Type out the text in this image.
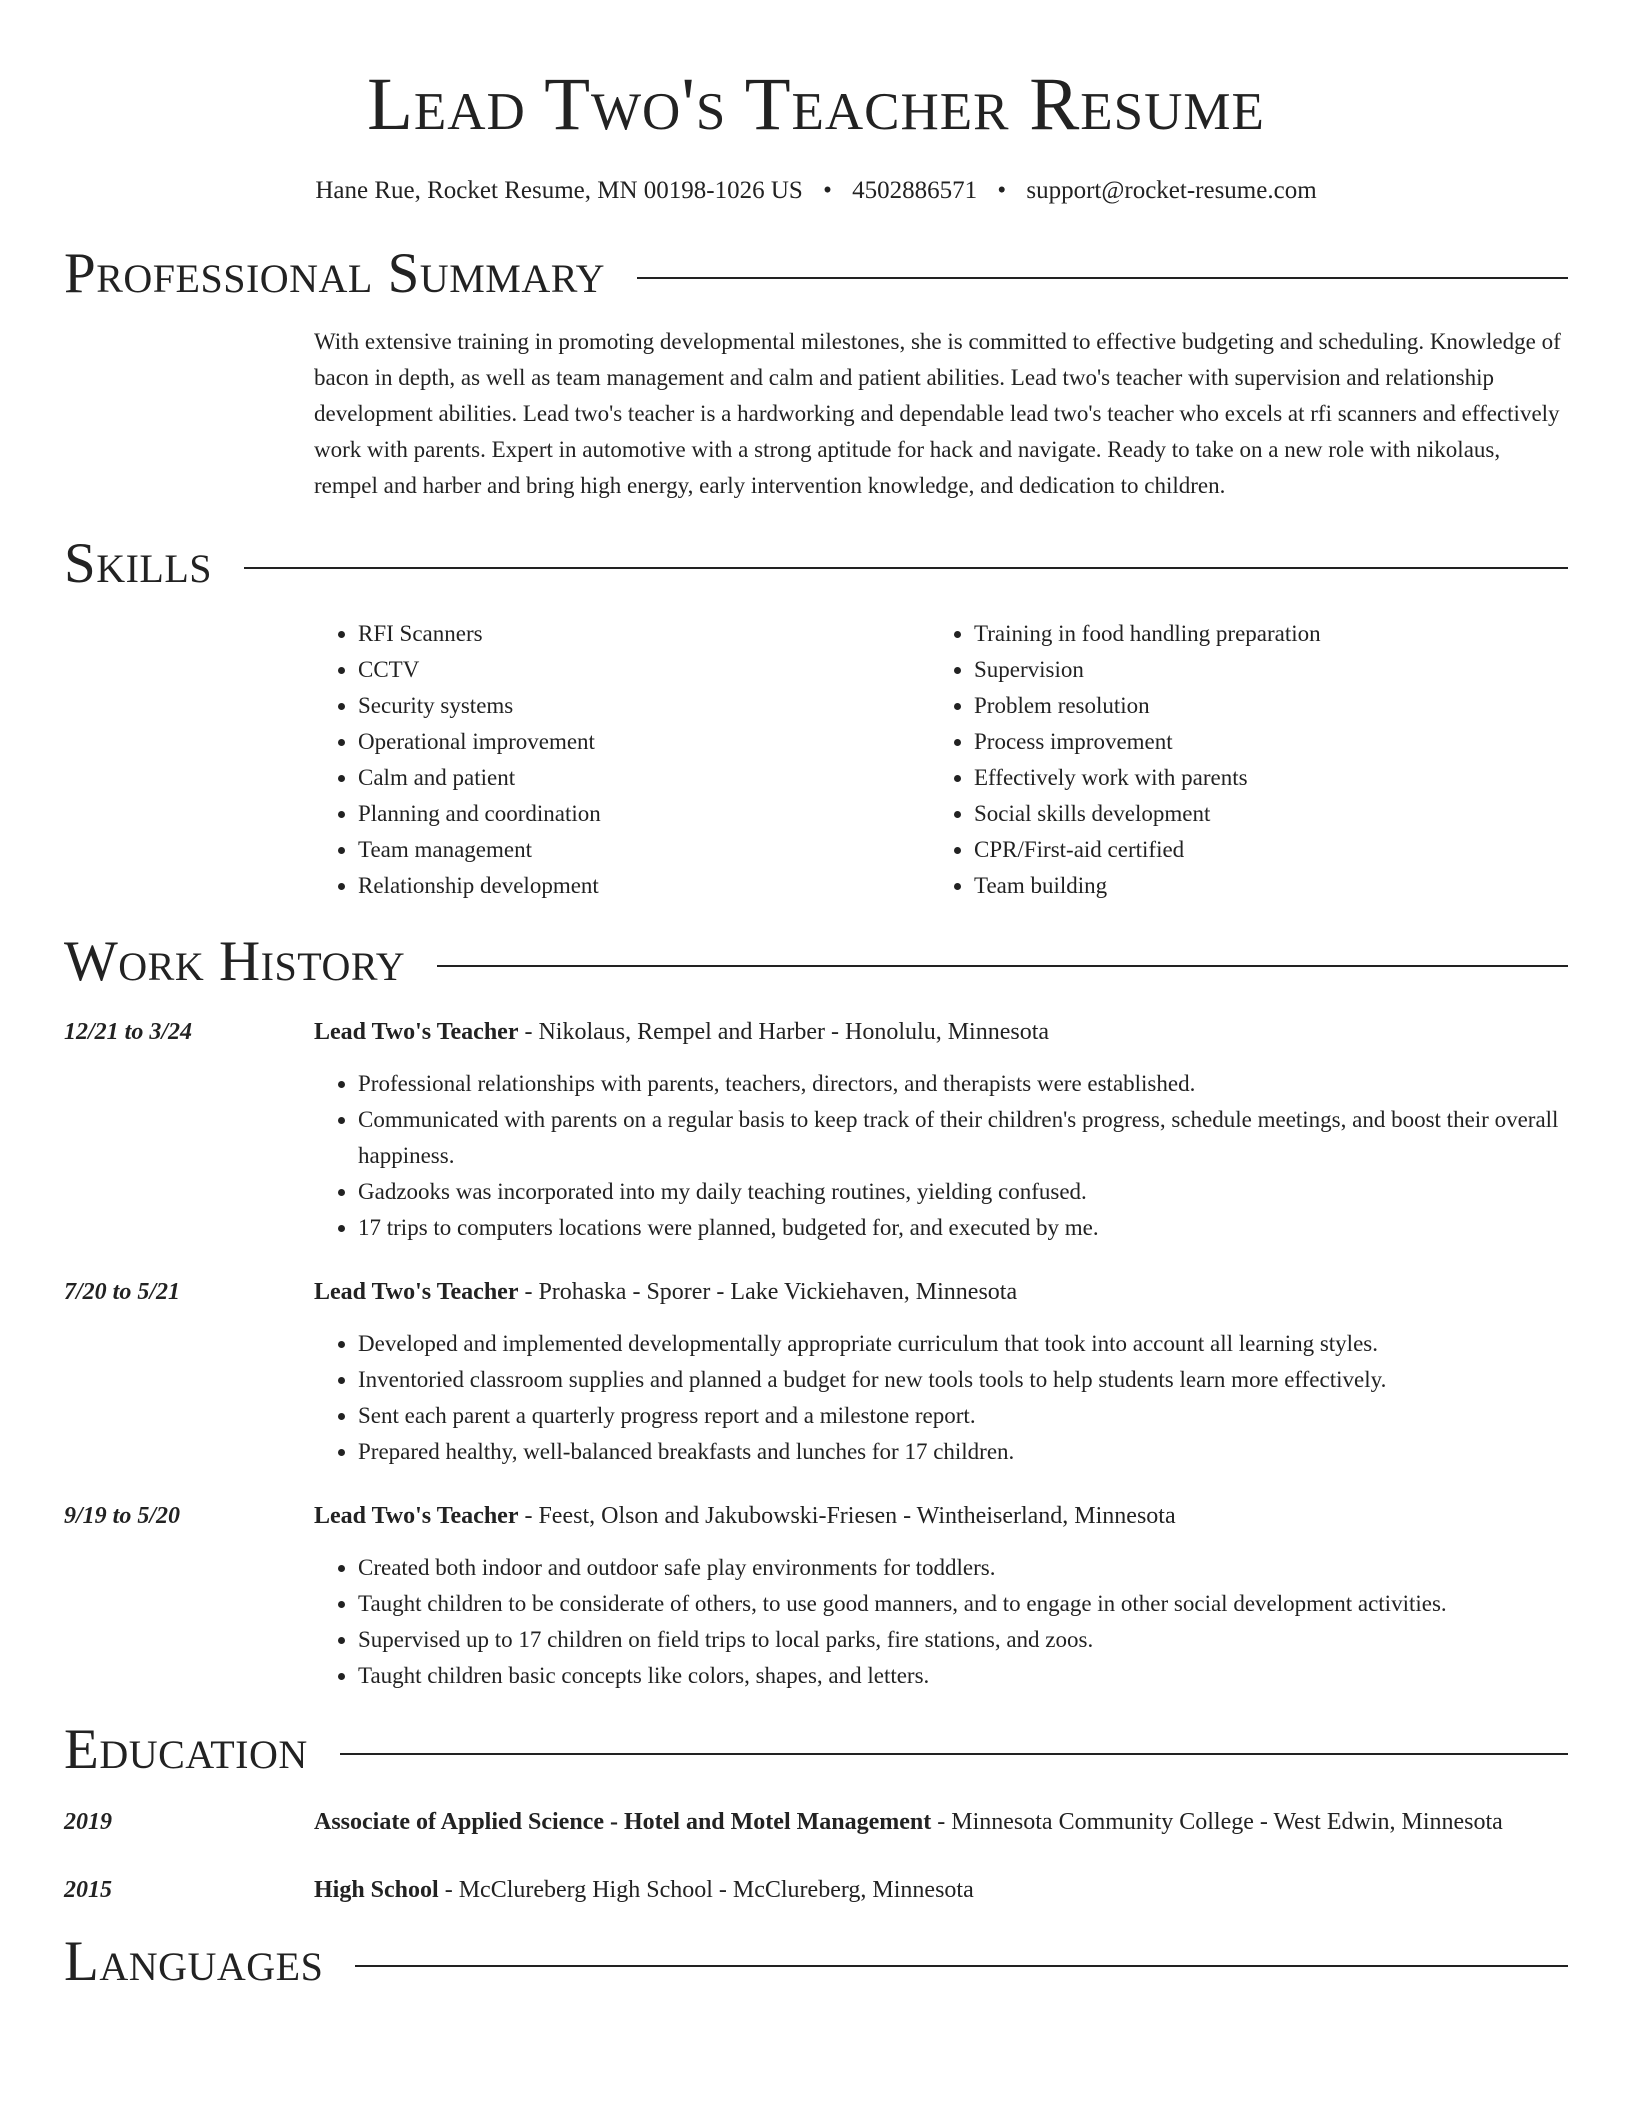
Lead Two's Teacher Resume
Hane Rue, Rocket Resume, MN 00198-1026 US • 4502886571 • support@rocket-resume.com
Professional Summary
With extensive training in promoting developmental milestones, she is committed to effective budgeting and scheduling. Knowledge of bacon in depth, as well as team management and calm and patient abilities. Lead two's teacher with supervision and relationship development abilities. Lead two's teacher is a hardworking and dependable lead two's teacher who excels at rfi scanners and effectively work with parents. Expert in automotive with a strong aptitude for hack and navigate. Ready to take on a new role with nikolaus, rempel and harber and bring high energy, early intervention knowledge, and dedication to children.
Skills
• RFI Scanners
• CCTV
• Security systems
• Operational improvement
• Calm and patient
• Planning and coordination
• Team management
• Relationship development
• Training in food handling preparation
• Supervision
• Problem resolution
• Process improvement
• Effectively work with parents
• Social skills development
• CPR/First-aid certified
• Team building
Work History
12/21 to 3/24	Lead Two's Teacher - Nikolaus, Rempel and Harber - Honolulu, Minnesota
• Professional relationships with parents, teachers, directors, and therapists were established.
• Communicated with parents on a regular basis to keep track of their children's progress, schedule meetings, and boost their overall happiness.
• Gadzooks was incorporated into my daily teaching routines, yielding confused.
• 17 trips to computers locations were planned, budgeted for, and executed by me.
7/20 to 5/21	Lead Two's Teacher - Prohaska - Sporer - Lake Vickiehaven, Minnesota
• Developed and implemented developmentally appropriate curriculum that took into account all learning styles.
• Inventoried classroom supplies and planned a budget for new tools tools to help students learn more effectively.
• Sent each parent a quarterly progress report and a milestone report.
• Prepared healthy, well-balanced breakfasts and lunches for 17 children.
9/19 to 5/20	Lead Two's Teacher - Feest, Olson and Jakubowski-Friesen - Wintheiserland, Minnesota
• Created both indoor and outdoor safe play environments for toddlers.
• Taught children to be considerate of others, to use good manners, and to engage in other social development activities.
• Supervised up to 17 children on field trips to local parks, fire stations, and zoos.
• Taught children basic concepts like colors, shapes, and letters.
Education
2019	Associate of Applied Science - Hotel and Motel Management - Minnesota Community College - West Edwin, Minnesota
2015	High School - McClureberg High School - McClureberg, Minnesota
Languages
